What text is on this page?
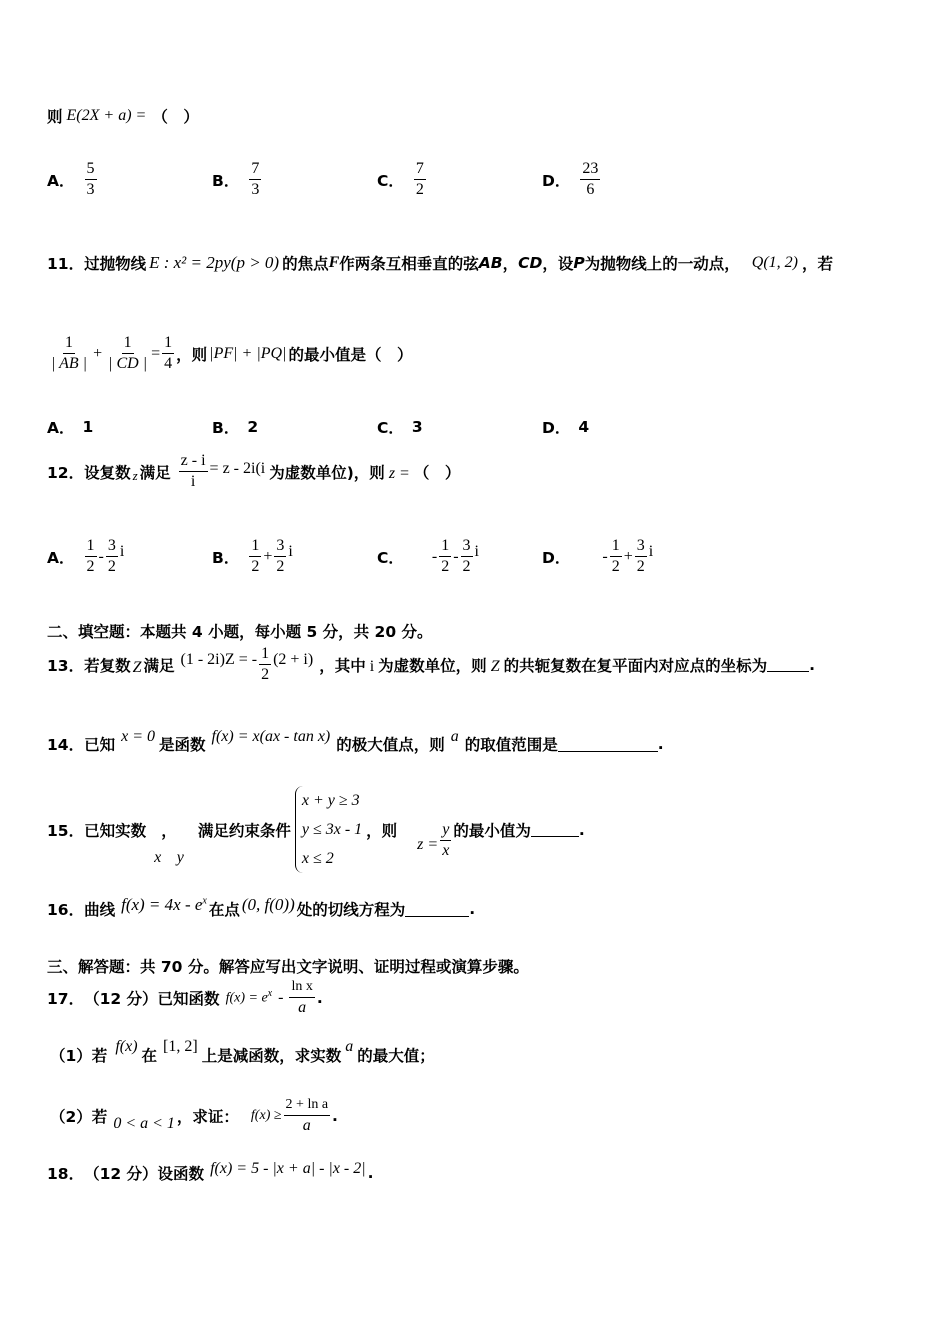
则 E(2X + a) = （　）
A． $\frac{5}{3}$	B． $\frac{7}{3}$	C． $\frac{7}{2}$	D． $\frac{23}{6}$
11． 过抛物线 E : x² = 2py(p > 0) 的焦点 F 作两条互相垂直的弦 AB ， CD ，设 P 为抛物线上的一动点， Q(1, 2) ，若
$\frac{1}{| AB |} + \frac{1}{| CD |} = \frac{1}{4}$ ，则 |PF| + |PQ| 的最小值是（　）
A． 1	B． 2	C． 3	D． 4
12． 设复数 z 满足 $\frac{z - i}{i} = z - 2i(i$ 为虚数单位)，则 z = （　）
A． $\frac{1}{2} - \frac{3}{2}$ i	B． $\frac{1}{2} + \frac{3}{2}$ i	C． - $\frac{1}{2} - \frac{3}{2}$ i	D． - $\frac{1}{2} + \frac{3}{2}$ i
二、填空题：本题共 4 小题，每小题 5 分，共 20 分。
13． 若复数 Z 满足 (1 - 2i)Z = - $\frac{1}{2} (2 + i)$ ，其中 i 为虚数单位，则 Z 的共轭复数在复平面内对应点的坐标为	.
14． 已知 x = 0 是函数 f(x) = x(ax - tan x) 的极大值点，则 a 的取值范围是	.
15． 已知实数
x
，
y
满足约束条件
x + y ≥ 3
y ≤ 3x - 1
x ≤ 2
，则
$z = \frac{y}{x}$ 的最小值为	.
16． 曲线 $f(x) = 4x - e^x$
在点 (0, f(0)) 处的切线方程为	.
三、解答题：共 70 分。解答应写出文字说明、证明过程或演算步骤。
17． （12 分） 已知函数 $f(x) = e^x - \frac{\text{ln x}}{a}$ .
（1） 若
f(x)
在
[1, 2]
上是减函数，求实数
a
的最大值；
（2） 若 0 < a < 1 ，求证： $f(x) \ge \frac{\text{2 + ln a}}{a}$ .
18． （12 分） 设函数 f(x) = 5 - |x + a| - |x - 2| .
